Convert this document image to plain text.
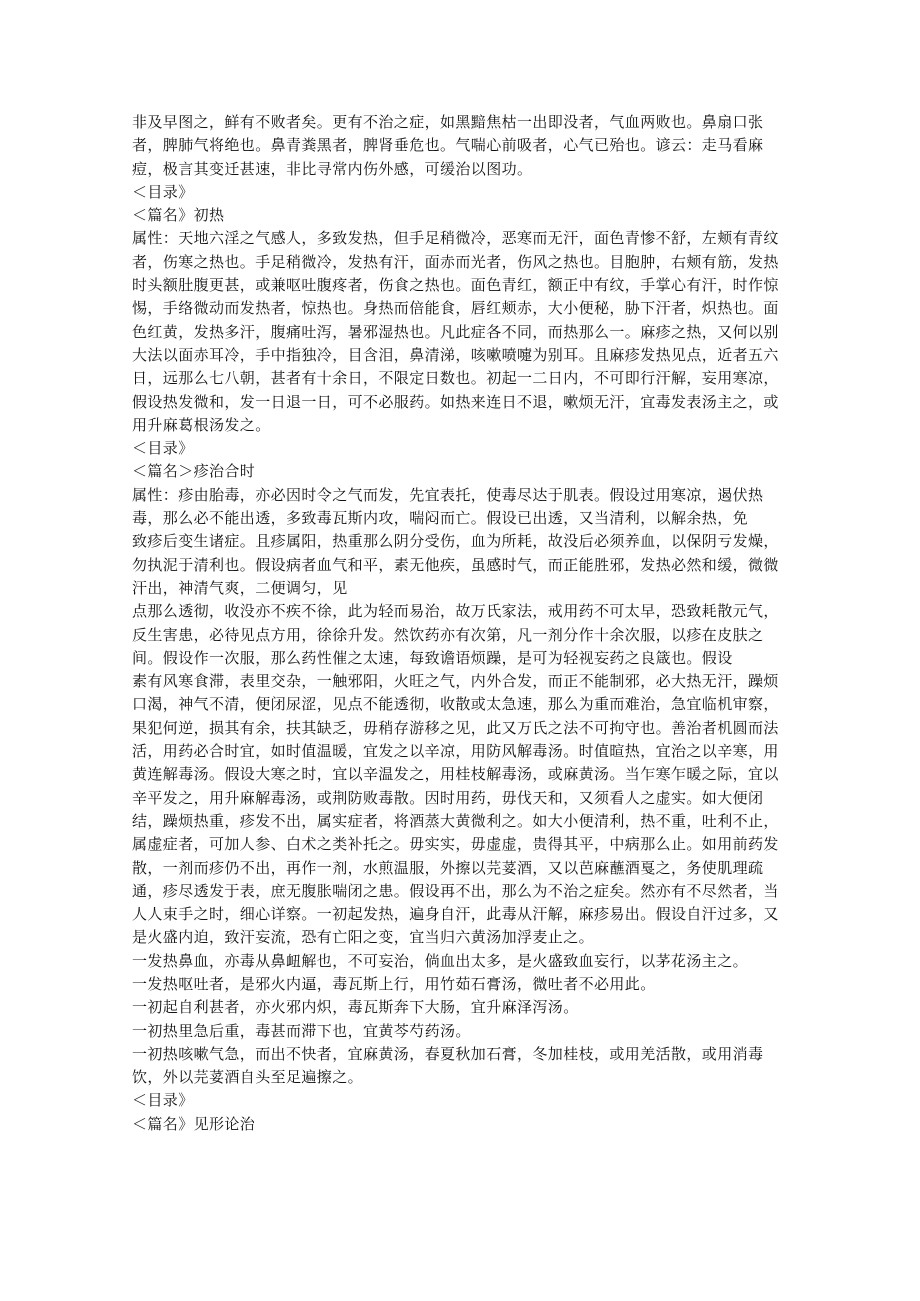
非及早图之，鲜有不败者矣。更有不治之症，如黑黯焦枯一出即没者，气血两败也。鼻扇口张
者，脾肺气将绝也。鼻青粪黑者，脾肾垂危也。气喘心前吸者，心气已殆也。谚云：走马看麻
痘，极言其变迁甚速，非比寻常内伤外感，可缓治以图功。
＜目录》
＜篇名》初热
属性：天地六淫之气感人，多致发热，但手足稍微冷，恶寒而无汗，面色青惨不舒，左颊有青纹
者，伤寒之热也。手足稍微冷，发热有汗，面赤而光者，伤风之热也。目胞肿，右颊有筋，发热
时头额肚腹更甚，或兼呕吐腹疼者，伤食之热也。面色青红，额正中有纹，手掌心有汗，时作惊
惕，手络微动而发热者，惊热也。身热而倍能食，唇红颊赤，大小便秘，胁下汗者，炽热也。面
色红黄，发热多汗，腹痛吐泻，暑邪湿热也。凡此症各不同，而热那么一。麻疹之热，又何以别
大法以面赤耳冷，手中指独冷，目含泪，鼻清涕，咳嗽喷嚏为别耳。且麻疹发热见点，近者五六
日，远那么七八朝，甚者有十余日，不限定日数也。初起一二日内，不可即行汗解，妄用寒凉，
假设热发微和，发一日退一日，可不必服药。如热来连日不退，嗽烦无汗，宜毒发表汤主之，或
用升麻葛根汤发之。
＜目录》
＜篇名＞疹治合时
属性：疹由胎毒，亦必因时令之气而发，先宜表托，使毒尽达于肌表。假设过用寒凉，遏伏热
毒，那么必不能出透，多致毒瓦斯内攻，喘闷而亡。假设已出透，又当清利，以解余热，免
致疹后变生诸症。且疹属阳，热重那么阴分受伤，血为所耗，故没后必须养血，以保阴亏发燥，
勿执泥于清利也。假设病者血气和平，素无他疾，虽感时气，而正能胜邪，发热必然和缓，微微
汗出，神清气爽，二便调匀，见
点那么透彻，收没亦不疾不徐，此为轻而易治，故万氏家法，戒用药不可太早，恐致耗散元气，
反生害患，必待见点方用，徐徐升发。然饮药亦有次第，凡一剂分作十余次服，以疹在皮肤之
间。假设作一次服，那么药性催之太速，每致谵语烦躁，是可为轻视妄药之良箴也。假设
素有风寒食滞，表里交杂，一触邪阳，火旺之气，内外合发，而正不能制邪，必大热无汗，躁烦
口渴，神气不清，便闭尿涩，见点不能透彻，收散或太急速，那么为重而难治，急宜临机审察，
果犯何逆，损其有余，扶其缺乏，毋稍存游移之见，此又万氏之法不可拘守也。善治者机圆而法
活，用药必合时宜，如时值温暖，宜发之以辛凉，用防风解毒汤。时值暄热，宜治之以辛寒，用
黄连解毒汤。假设大寒之时，宜以辛温发之，用桂枝解毒汤，或麻黄汤。当乍寒乍暖之际，宜以
辛平发之，用升麻解毒汤，或荆防败毒散。因时用药，毋伐天和，又须看人之虚实。如大便闭
结，躁烦热重，疹发不出，属实症者，将酒蒸大黄微利之。如大小便清利，热不重，吐利不止，
属虚症者，可加人参、白术之类补托之。毋实实，毋虚虚，贵得其平，中病那么止。如用前药发
散，一剂而疹仍不出，再作一剂，水煎温服，外擦以芫荽酒，又以芭麻蘸酒戛之，务使肌理疏
通，疹尽透发于表，庶无腹胀喘闭之患。假设再不出，那么为不治之症矣。然亦有不尽然者，当
人人束手之时，细心详察。一初起发热，遍身自汗，此毒从汗解，麻疹易出。假设自汗过多，又
是火盛内迫，致汗妄流，恐有亡阳之变，宜当归六黄汤加浮麦止之。
一发热鼻血，亦毒从鼻衄解也，不可妄治，倘血出太多，是火盛致血妄行，以茅花汤主之。
一发热呕吐者，是邪火内逼，毒瓦斯上行，用竹茹石膏汤，微吐者不必用此。
一初起自利甚者，亦火邪内炽，毒瓦斯奔下大肠，宜升麻泽泻汤。
一初热里急后重，毒甚而滞下也，宜黄芩芍药汤。
一初热咳嗽气急，而出不快者，宜麻黄汤，春夏秋加石膏，冬加桂枝，或用羌活散，或用消毒
饮，外以芫荽酒自头至足遍擦之。
＜目录》
＜篇名》见形论治
